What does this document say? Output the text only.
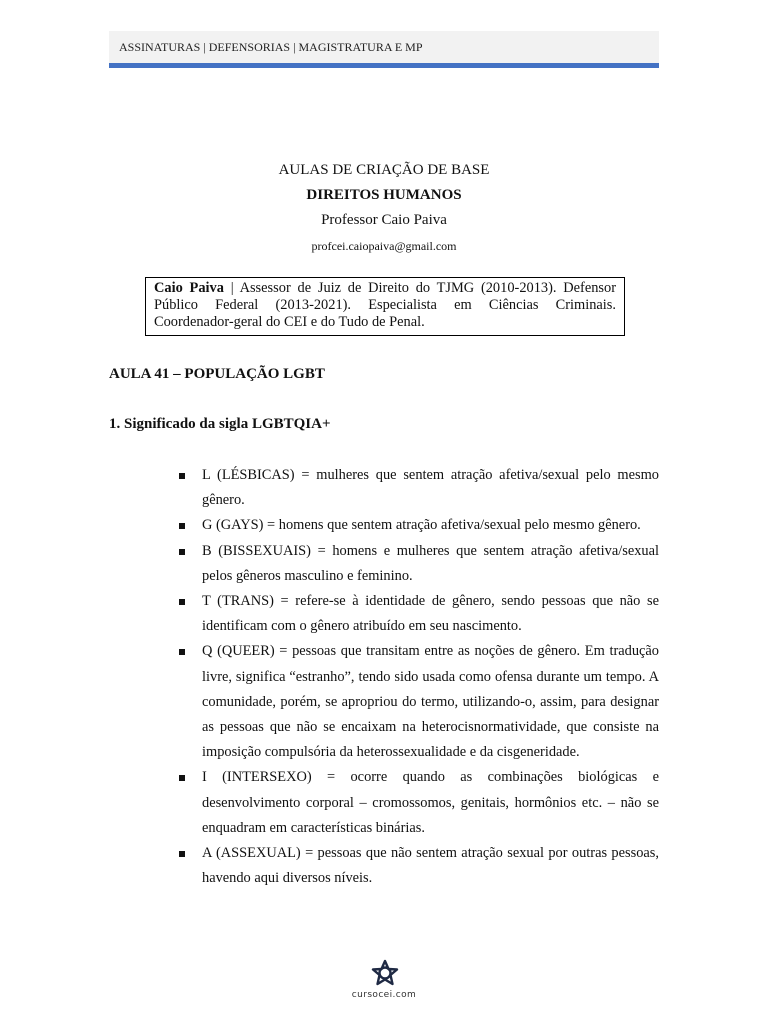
ASSINATURAS | DEFENSORIAS | MAGISTRATURA E MP
AULAS DE CRIAÇÃO DE BASE
DIREITOS HUMANOS
Professor Caio Paiva
profcei.caiopaiva@gmail.com
Caio Paiva | Assessor de Juiz de Direito do TJMG (2010-2013). Defensor Público Federal (2013-2021). Especialista em Ciências Criminais. Coordenador-geral do CEI e do Tudo de Penal.
AULA 41 – POPULAÇÃO LGBT
1. Significado da sigla LGBTQIA+
L (LÉSBICAS) = mulheres que sentem atração afetiva/sexual pelo mesmo gênero.
G (GAYS) = homens que sentem atração afetiva/sexual pelo mesmo gênero.
B (BISSEXUAIS) = homens e mulheres que sentem atração afetiva/sexual pelos gêneros masculino e feminino.
T (TRANS) = refere-se à identidade de gênero, sendo pessoas que não se identificam com o gênero atribuído em seu nascimento.
Q (QUEER) = pessoas que transitam entre as noções de gênero. Em tradução livre, significa “estranho”, tendo sido usada como ofensa durante um tempo. A comunidade, porém, se apropriou do termo, utilizando-o, assim, para designar as pessoas que não se encaixam na heterocisnormatividade, que consiste na imposição compulsória da heterossexualidade e da cisgeneridade.
I (INTERSEXO) = ocorre quando as combinações biológicas e desenvolvimento corporal – cromossomos, genitais, hormônios etc. – não se enquadram em características binárias.
A (ASSEXUAL) = pessoas que não sentem atração sexual por outras pessoas, havendo aqui diversos níveis.
cursocei.com
